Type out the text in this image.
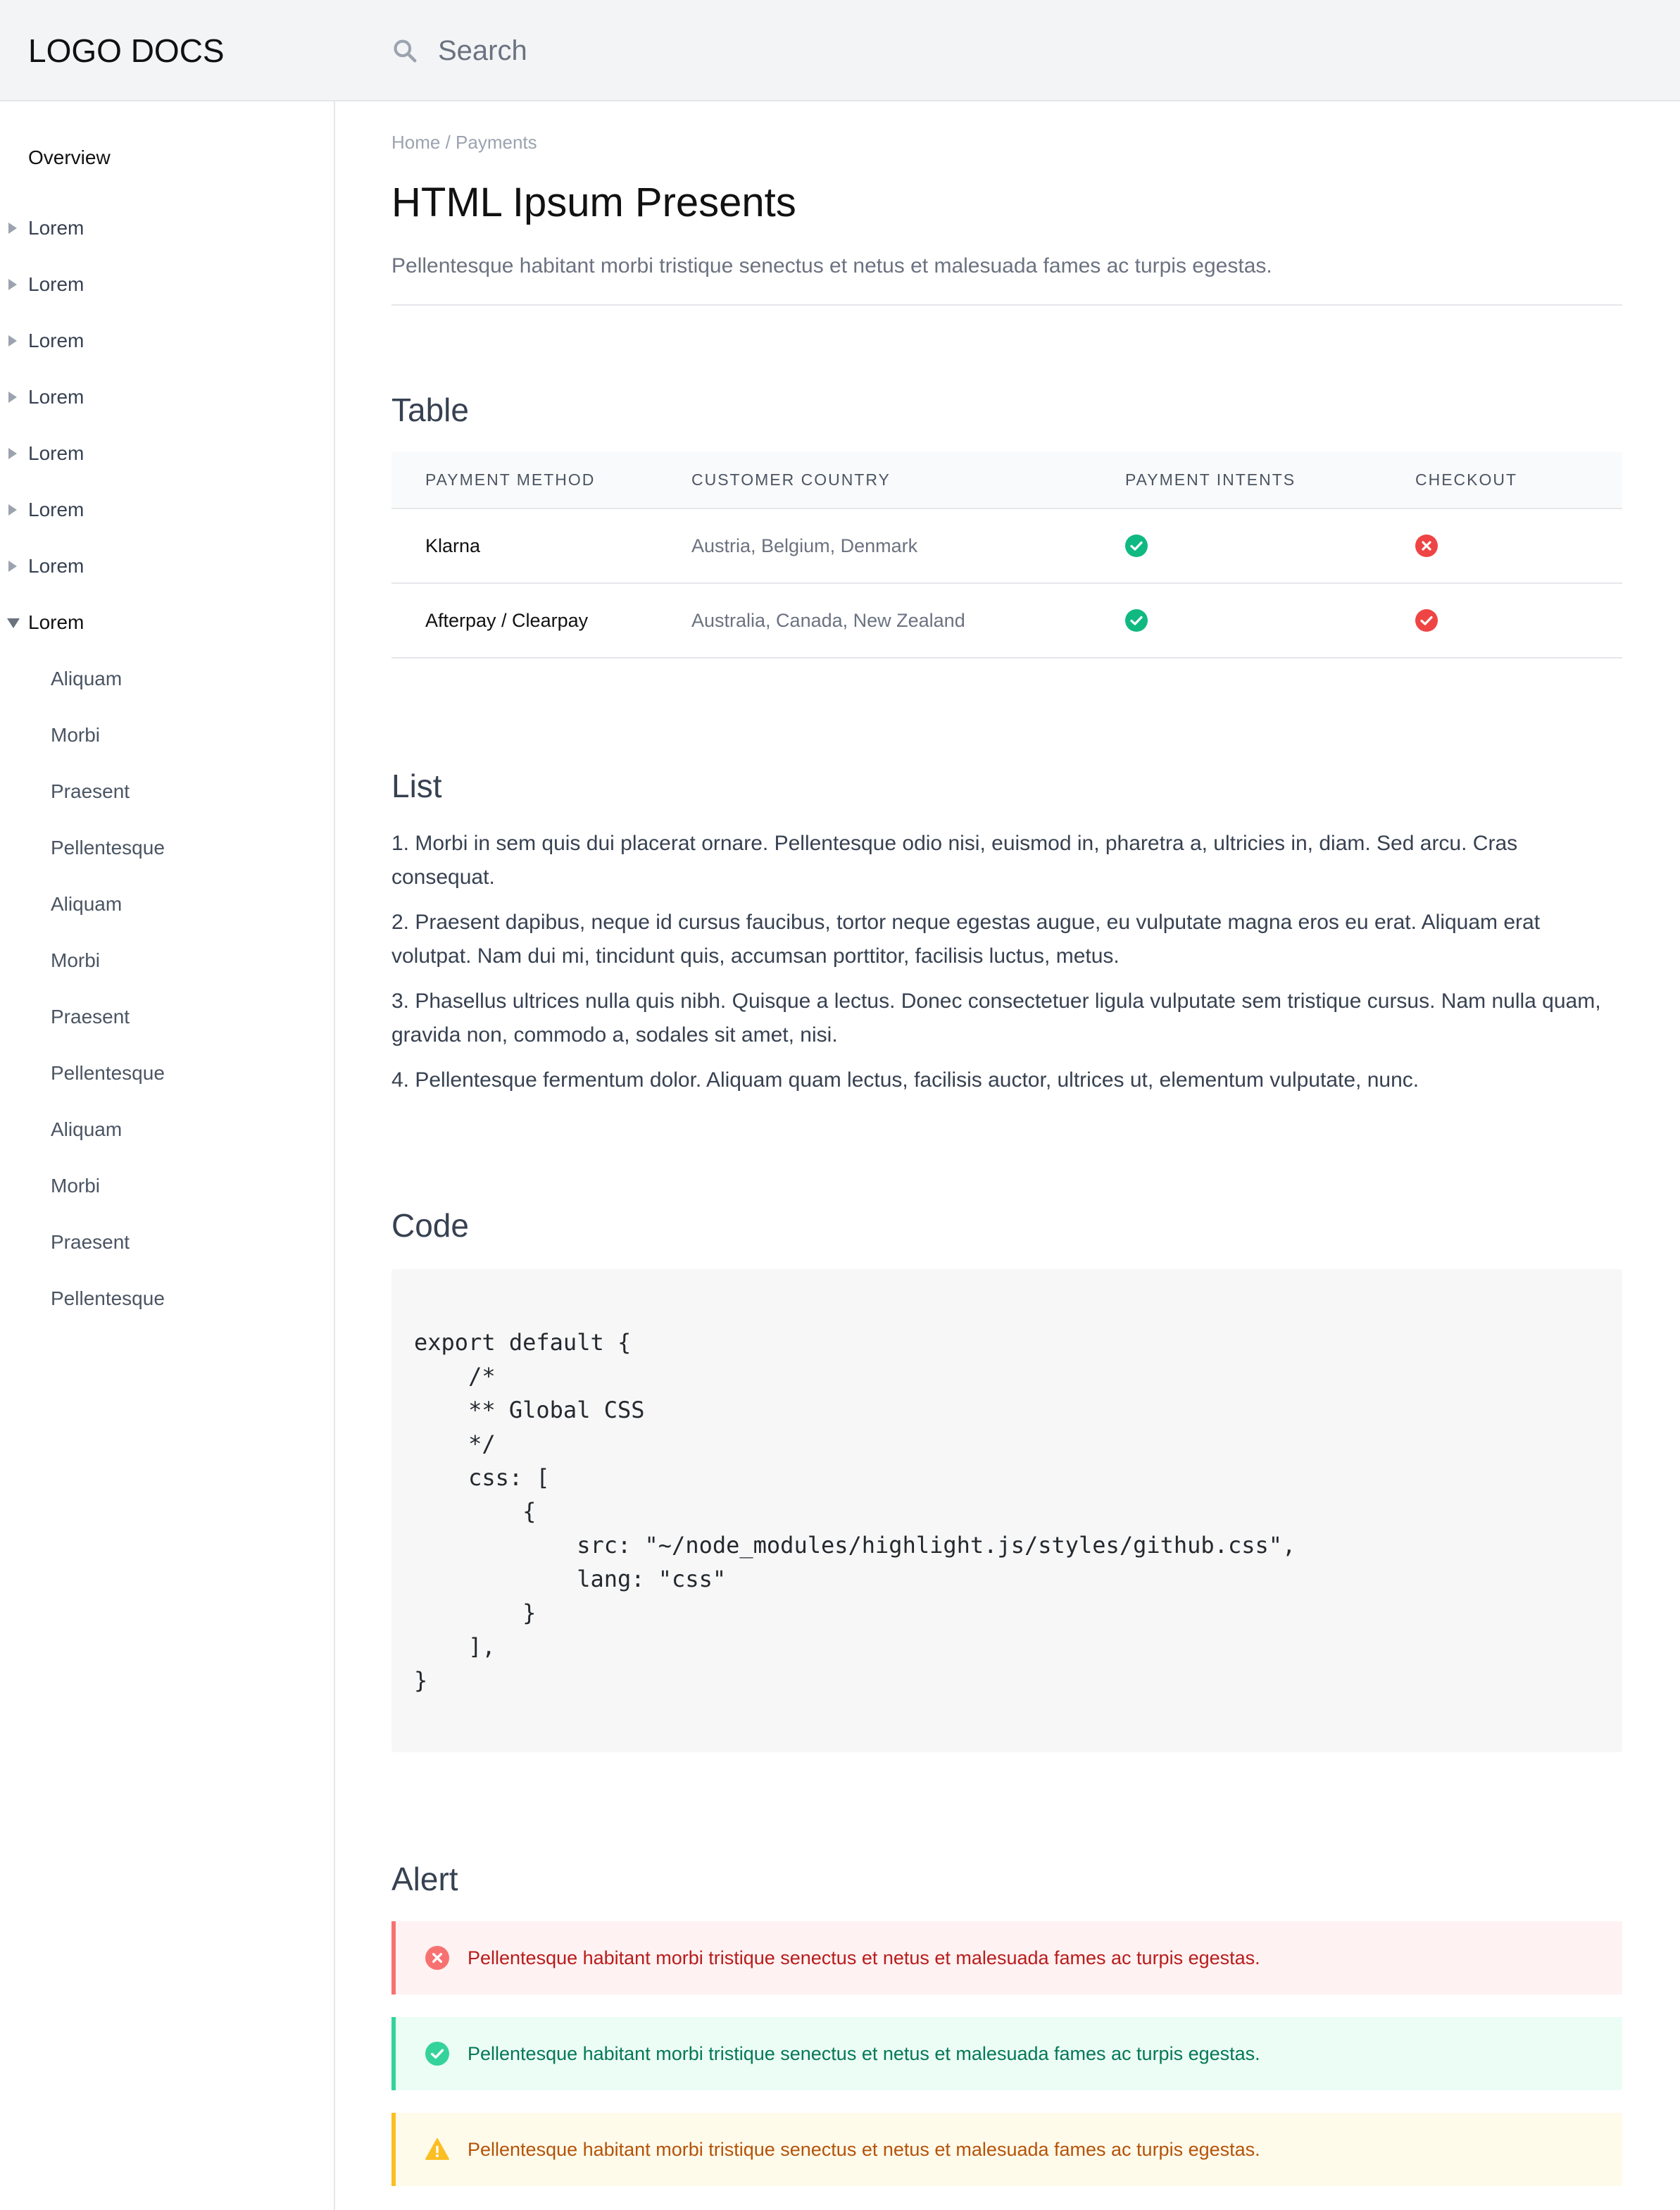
LOGO DOCS
Search
Overview
Lorem
Lorem
Lorem
Lorem
Lorem
Lorem
Lorem
Lorem
Aliquam
Morbi
Praesent
Pellentesque
Aliquam
Morbi
Praesent
Pellentesque
Aliquam
Morbi
Praesent
Pellentesque
Home / Payments
HTML Ipsum Presents
Pellentesque habitant morbi tristique senectus et netus et malesuada fames ac turpis egestas.
Table
PAYMENT METHOD	CUSTOMER COUNTRY	PAYMENT INTENTS	CHECKOUT
Klarna	Austria, Belgium, Denmark		
Afterpay / Clearpay	Australia, Canada, New Zealand		
List
1. Morbi in sem quis dui placerat ornare. Pellentesque odio nisi, euismod in, pharetra a, ultricies in, diam. Sed arcu. Cras consequat.
2. Praesent dapibus, neque id cursus faucibus, tortor neque egestas augue, eu vulputate magna eros eu erat. Aliquam erat volutpat. Nam dui mi, tincidunt quis, accumsan porttitor, facilisis luctus, metus.
3. Phasellus ultrices nulla quis nibh. Quisque a lectus. Donec consectetuer ligula vulputate sem tristique cursus. Nam nulla quam, gravida non, commodo a, sodales sit amet, nisi.
4. Pellentesque fermentum dolor. Aliquam quam lectus, facilisis auctor, ultrices ut, elementum vulputate, nunc.
Code
export default {
/*
** Global CSS
*/
css: [
{
src: "~/node_modules/highlight.js/styles/github.css",
lang: "css"
}
],
}
Alert
Pellentesque habitant morbi tristique senectus et netus et malesuada fames ac turpis egestas.
Pellentesque habitant morbi tristique senectus et netus et malesuada fames ac turpis egestas.
Pellentesque habitant morbi tristique senectus et netus et malesuada fames ac turpis egestas.
